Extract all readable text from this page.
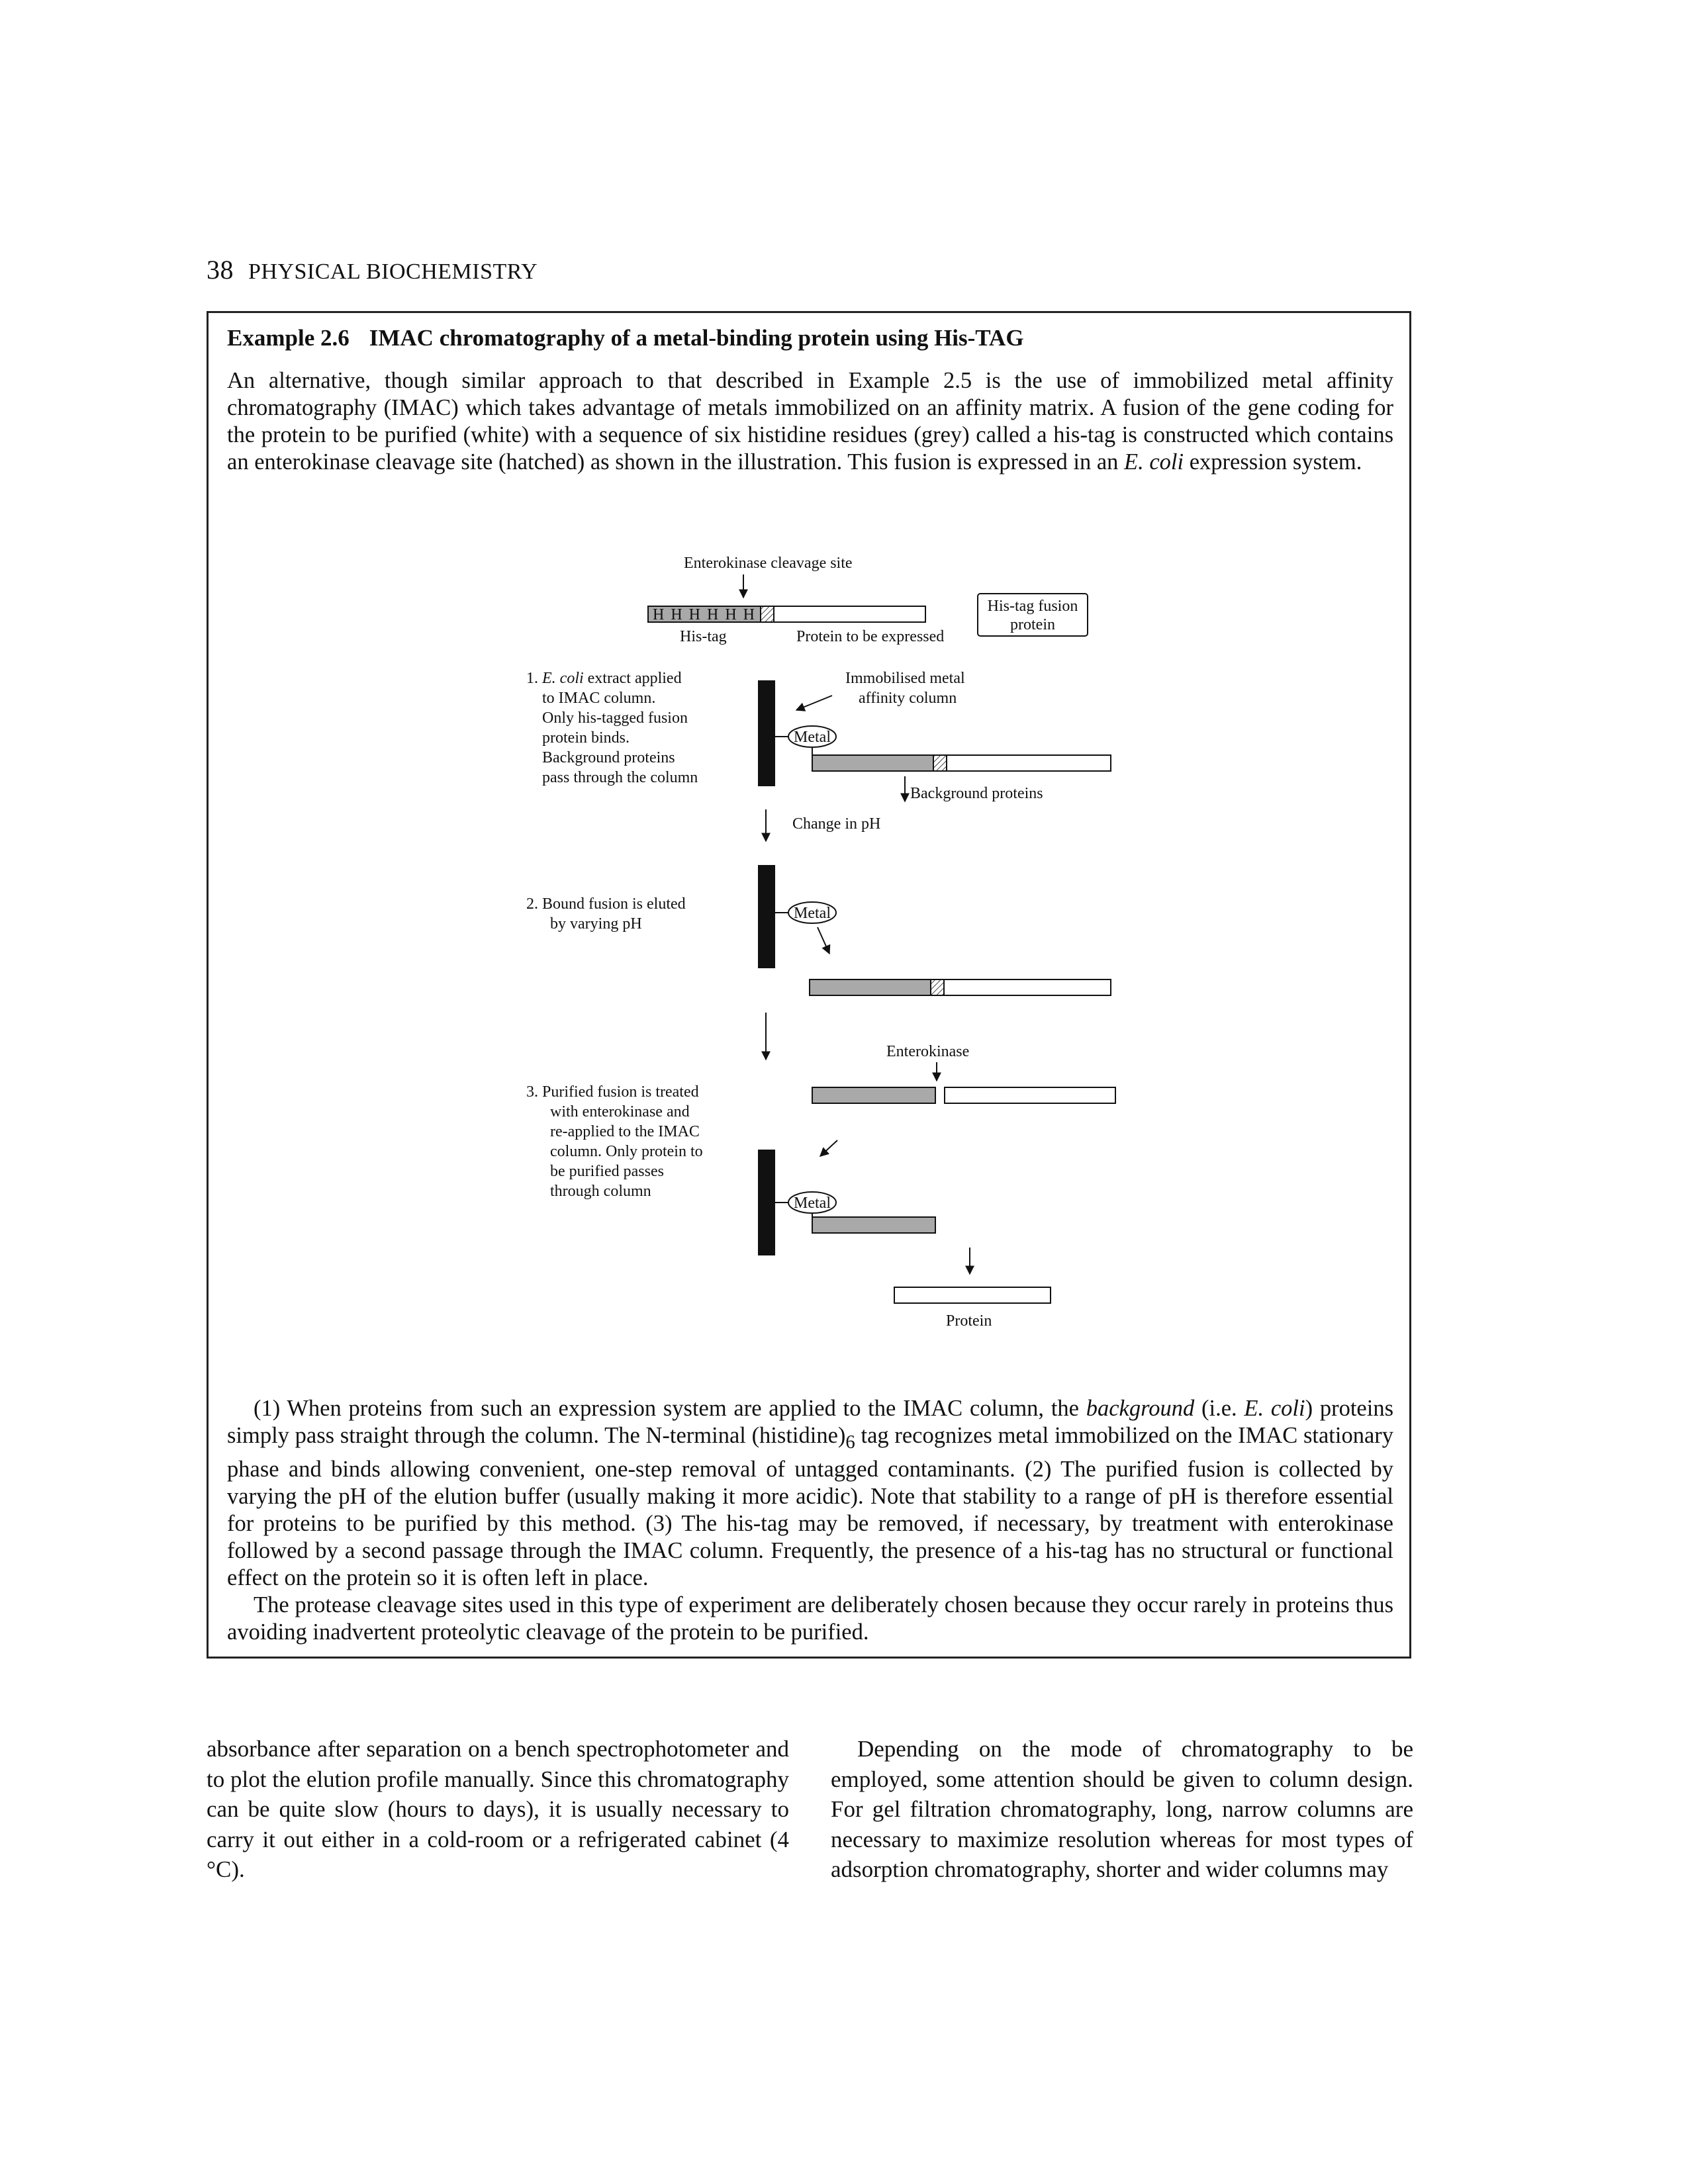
38 PHYSICAL BIOCHEMISTRY
Enterokinase cleavage site
H H H H H H
His-tag	Protein to be expressed
His-tag fusion
protein
1. E. coli extract applied
to IMAC column.
Only his-tagged fusion
protein binds.
Background proteins
pass through the column
Immobilised metal
affinity column
Metal
Background proteins
Change in pH
2. Bound fusion is eluted
by varying pH
Metal
Enterokinase
3. Purified fusion is treated
with enterokinase and
re-applied to the IMAC
column. Only protein to
be purified passes
through column
Metal
Protein
Example 2.6 IMAC chromatography of a metal-binding protein using His-TAG
An alternative, though similar approach to that described in Example 2.5 is the use of immobilized metal affinity chromatography (IMAC) which takes advantage of metals immobilized on an affinity matrix. A fusion of the gene coding for the protein to be purified (white) with a sequence of six histidine residues (grey) called a his-tag is constructed which contains an enterokinase cleavage site (hatched) as shown in the illustration. This fusion is expressed in an E. coli expression system.

(1) When proteins from such an expression system are applied to the IMAC column, the background (i.e. E. coli) proteins simply pass straight through the column. The N-terminal $(histidine)_6$ tag recognizes metal immobilized on the IMAC stationary phase and binds allowing convenient, one-step removal of untagged contaminants. (2) The purified fusion is collected by varying the pH of the elution buffer (usually making it more acidic). Note that stability to a range of pH is therefore essential for proteins to be purified by this method. (3) The his-tag may be removed, if necessary, by treatment with enterokinase followed by a second passage through the IMAC column. Frequently, the presence of a his-tag has no structural or functional effect on the protein so it is often left in place.

The protease cleavage sites used in this type of experiment are deliberately chosen because they occur rarely in proteins thus avoiding inadvertent proteolytic cleavage of the protein to be purified.

absorbance after separation on a bench spectrophotometer and to plot the elution profile manually. Since this chromatography can be quite slow (hours to days), it is usually necessary to carry it out either in a cold-room or a refrigerated cabinet (4 °C).

Depending on the mode of chromatography to be employed, some attention should be given to column design. For gel filtration chromatography, long, narrow columns are necessary to maximize resolution whereas for most types of adsorption chromatography, shorter and wider columns may
